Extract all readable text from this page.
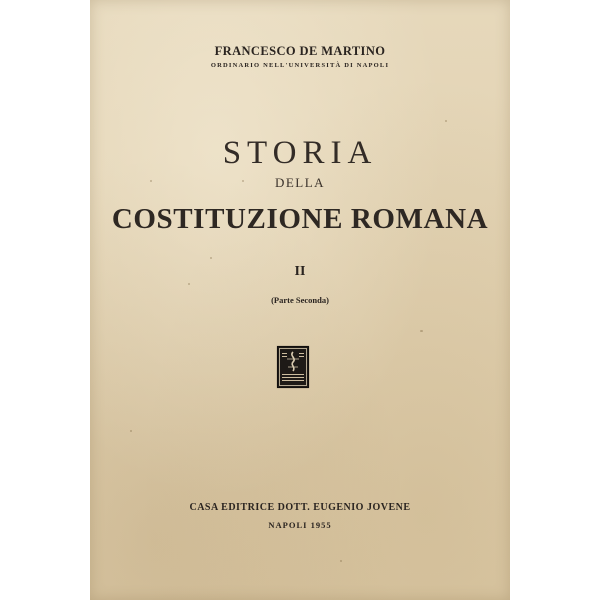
FRANCESCO DE MARTINO
ORDINARIO NELL'UNIVERSITÀ DI NAPOLI
STORIA
DELLA
COSTITUZIONE ROMANA
II
(Parte Seconda)
CASA EDITRICE DOTT. EUGENIO JOVENE
NAPOLI 1955
